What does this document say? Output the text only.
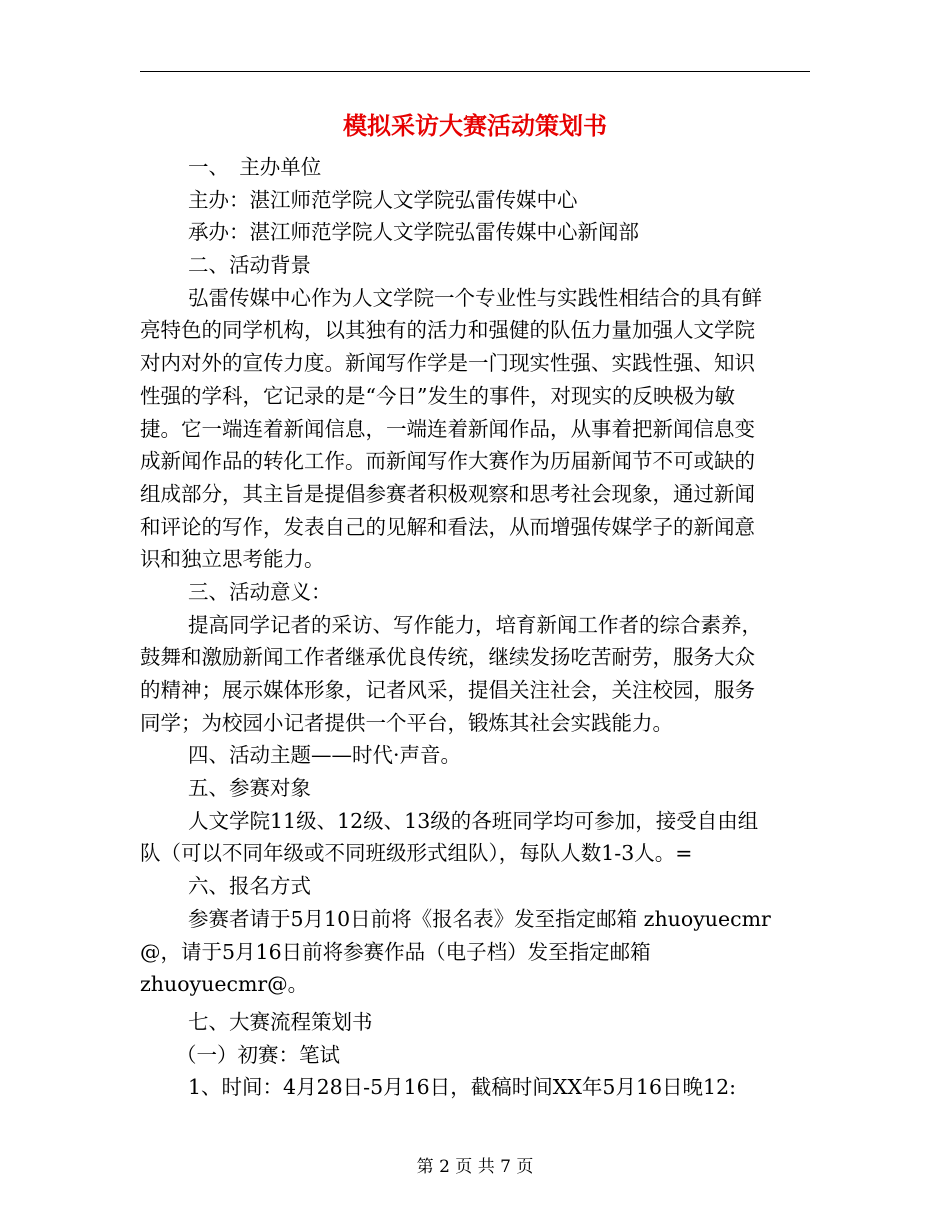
模拟采访大赛活动策划书
一、　主办单位
主办：湛江师范学院人文学院弘雷传媒中心
承办：湛江师范学院人文学院弘雷传媒中心新闻部
二、活动背景
弘雷传媒中心作为人文学院一个专业性与实践性相结合的具有鲜
亮特色的同学机构，以其独有的活力和强健的队伍力量加强人文学院
对内对外的宣传力度。新闻写作学是一门现实性强、实践性强、知识
性强的学科，它记录的是“今日”发生的事件，对现实的反映极为敏
捷。它一端连着新闻信息，一端连着新闻作品，从事着把新闻信息变
成新闻作品的转化工作。而新闻写作大赛作为历届新闻节不可或缺的
组成部分，其主旨是提倡参赛者积极观察和思考社会现象，通过新闻
和评论的写作，发表自己的见解和看法，从而增强传媒学子的新闻意
识和独立思考能力。
三、活动意义：
提高同学记者的采访、写作能力，培育新闻工作者的综合素养，
鼓舞和激励新闻工作者继承优良传统，继续发扬吃苦耐劳，服务大众
的精神；展示媒体形象，记者风采，提倡关注社会，关注校园，服务
同学；为校园小记者提供一个平台，锻炼其社会实践能力。
四、活动主题——时代·声音。
五、参赛对象
人文学院11级、12级、13级的各班同学均可参加，接受自由组
队（可以不同年级或不同班级形式组队），每队人数1-3人。=
六、报名方式
参赛者请于5月10日前将《报名表》发至指定邮箱 zhuoyuecmr
@，请于5月16日前将参赛作品（电子档）发至指定邮箱
zhuoyuecmr@。
七、大赛流程策划书
（一）初赛：笔试
1、时间：4月28日-5月16日，截稿时间XX年5月16日晚12:
第 2 页 共 7 页
